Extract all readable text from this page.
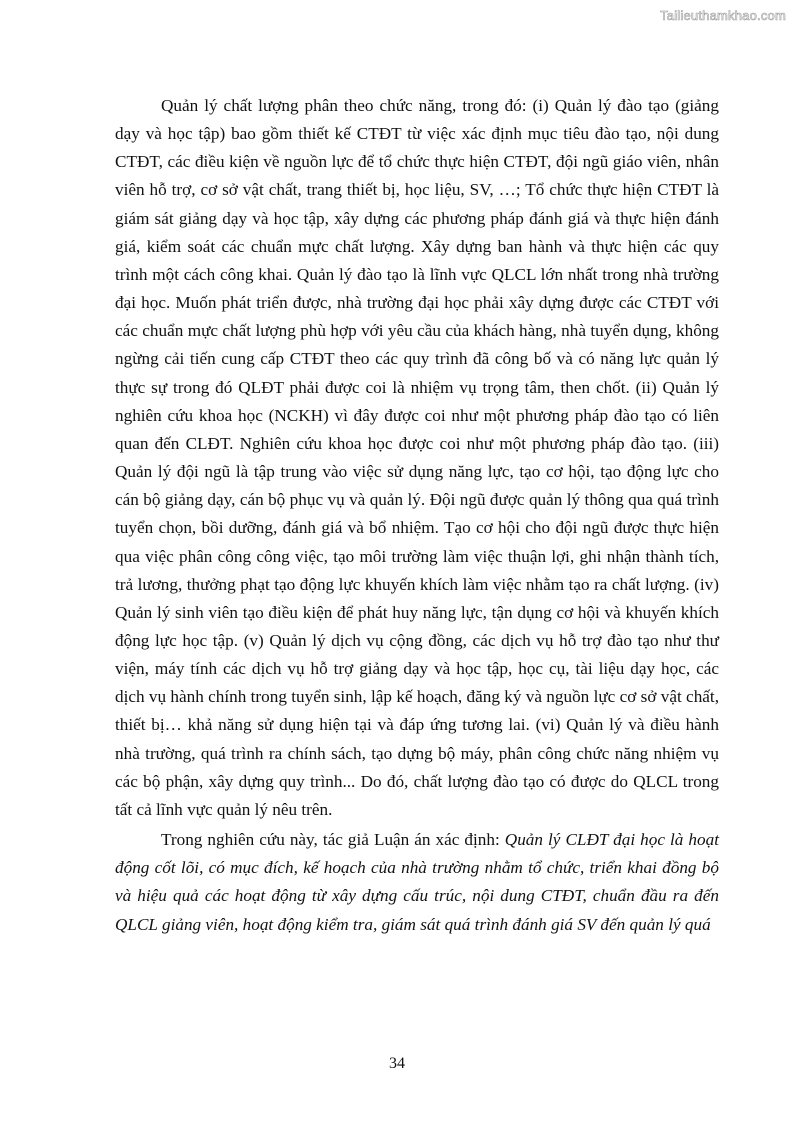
Tailieuthamkhao.com

Quản lý chất lượng phân theo chức năng, trong đó: (i) Quản lý đào tạo (giảng dạy và học tập) bao gồm thiết kế CTĐT từ việc xác định mục tiêu đào tạo, nội dung CTĐT, các điều kiện về nguồn lực để tổ chức thực hiện CTĐT, đội ngũ giáo viên, nhân viên hỗ trợ, cơ sở vật chất, trang thiết bị, học liệu, SV, …; Tổ chức thực hiện CTĐT là giám sát giảng dạy và học tập, xây dựng các phương pháp đánh giá và thực hiện đánh giá, kiểm soát các chuẩn mực chất lượng. Xây dựng ban hành và thực hiện các quy trình một cách công khai. Quản lý đào tạo là lĩnh vực QLCL lớn nhất trong nhà trường đại học. Muốn phát triển được, nhà trường đại học phải xây dựng được các CTĐT với các chuẩn mực chất lượng phù hợp với yêu cầu của khách hàng, nhà tuyển dụng, không ngừng cải tiến cung cấp CTĐT theo các quy trình đã công bố và có năng lực quản lý thực sự trong đó QLĐT phải được coi là nhiệm vụ trọng tâm, then chốt. (ii) Quản lý nghiên cứu khoa học (NCKH) vì đây được coi như một phương pháp đào tạo có liên quan đến CLĐT. Nghiên cứu khoa học được coi như một phương pháp đào tạo. (iii) Quản lý đội ngũ là tập trung vào việc sử dụng năng lực, tạo cơ hội, tạo động lực cho cán bộ giảng dạy, cán bộ phục vụ và quản lý. Đội ngũ được quản lý thông qua quá trình tuyển chọn, bồi dưỡng, đánh giá và bổ nhiệm. Tạo cơ hội cho đội ngũ được thực hiện qua việc phân công công việc, tạo môi trường làm việc thuận lợi, ghi nhận thành tích, trả lương, thưởng phạt tạo động lực khuyến khích làm việc nhằm tạo ra chất lượng. (iv) Quản lý sinh viên tạo điều kiện để phát huy năng lực, tận dụng cơ hội và khuyến khích động lực học tập. (v) Quản lý dịch vụ cộng đồng, các dịch vụ hỗ trợ đào tạo như thư viện, máy tính các dịch vụ hỗ trợ giảng dạy và học tập, học cụ, tài liệu dạy học, các dịch vụ hành chính trong tuyển sinh, lập kế hoạch, đăng ký và nguồn lực cơ sở vật chất, thiết bị… khả năng sử dụng hiện tại và đáp ứng tương lai. (vi) Quản lý và điều hành nhà trường, quá trình ra chính sách, tạo dựng bộ máy, phân công chức năng nhiệm vụ các bộ phận, xây dựng quy trình... Do đó, chất lượng đào tạo có được do QLCL trong tất cả lĩnh vực quản lý nêu trên.

Trong nghiên cứu này, tác giả Luận án xác định: Quản lý CLĐT đại học là hoạt động cốt lõi, có mục đích, kế hoạch của nhà trường nhằm tổ chức, triển khai đồng bộ và hiệu quả các hoạt động từ xây dựng cấu trúc, nội dung CTĐT, chuẩn đầu ra đến QLCL giảng viên, hoạt động kiểm tra, giám sát quá trình đánh giá SV đến quản lý quá

34
